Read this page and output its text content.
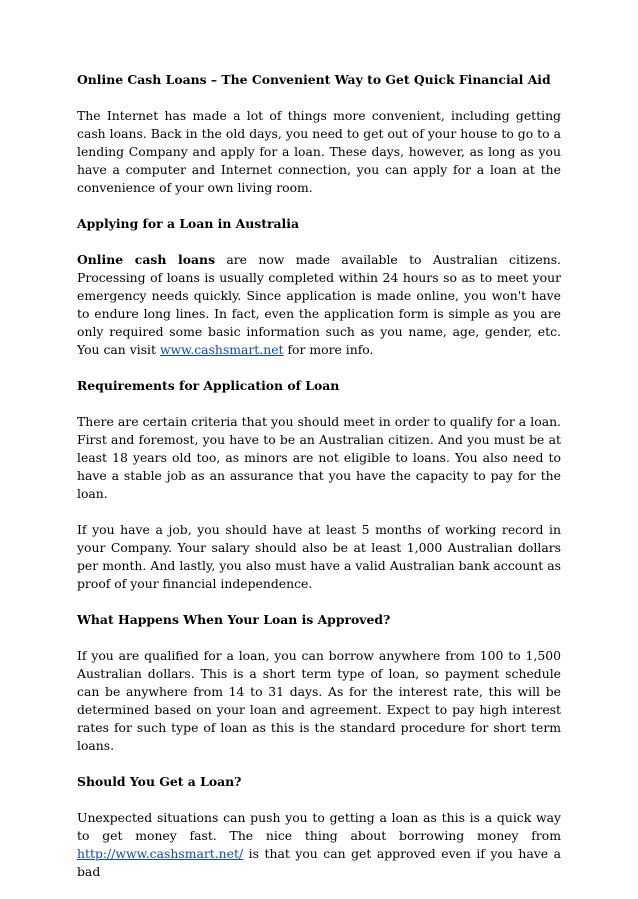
Online Cash Loans – The Convenient Way to Get Quick Financial Aid

The Internet has made a lot of things more convenient, including getting cash loans. Back in the old days, you need to get out of your house to go to a lending Company and apply for a loan. These days, however, as long as you have a computer and Internet connection, you can apply for a loan at the convenience of your own living room.

Applying for a Loan in Australia

Online cash loans are now made available to Australian citizens. Processing of loans is usually completed within 24 hours so as to meet your emergency needs quickly. Since application is made online, you won't have to endure long lines. In fact, even the application form is simple as you are only required some basic information such as you name, age, gender, etc. You can visit www.cashsmart.net for more info.

Requirements for Application of Loan

There are certain criteria that you should meet in order to qualify for a loan. First and foremost, you have to be an Australian citizen. And you must be at least 18 years old too, as minors are not eligible to loans. You also need to have a stable job as an assurance that you have the capacity to pay for the loan.

If you have a job, you should have at least 5 months of working record in your Company. Your salary should also be at least 1,000 Australian dollars per month. And lastly, you also must have a valid Australian bank account as proof of your financial independence.

What Happens When Your Loan is Approved?

If you are qualified for a loan, you can borrow anywhere from 100 to 1,500 Australian dollars. This is a short term type of loan, so payment schedule can be anywhere from 14 to 31 days. As for the interest rate, this will be determined based on your loan and agreement. Expect to pay high interest rates for such type of loan as this is the standard procedure for short term loans.

Should You Get a Loan?

Unexpected situations can push you to getting a loan as this is a quick way to get money fast. The nice thing about borrowing money from http://www.cashsmart.net/ is that you can get approved even if you have a bad
